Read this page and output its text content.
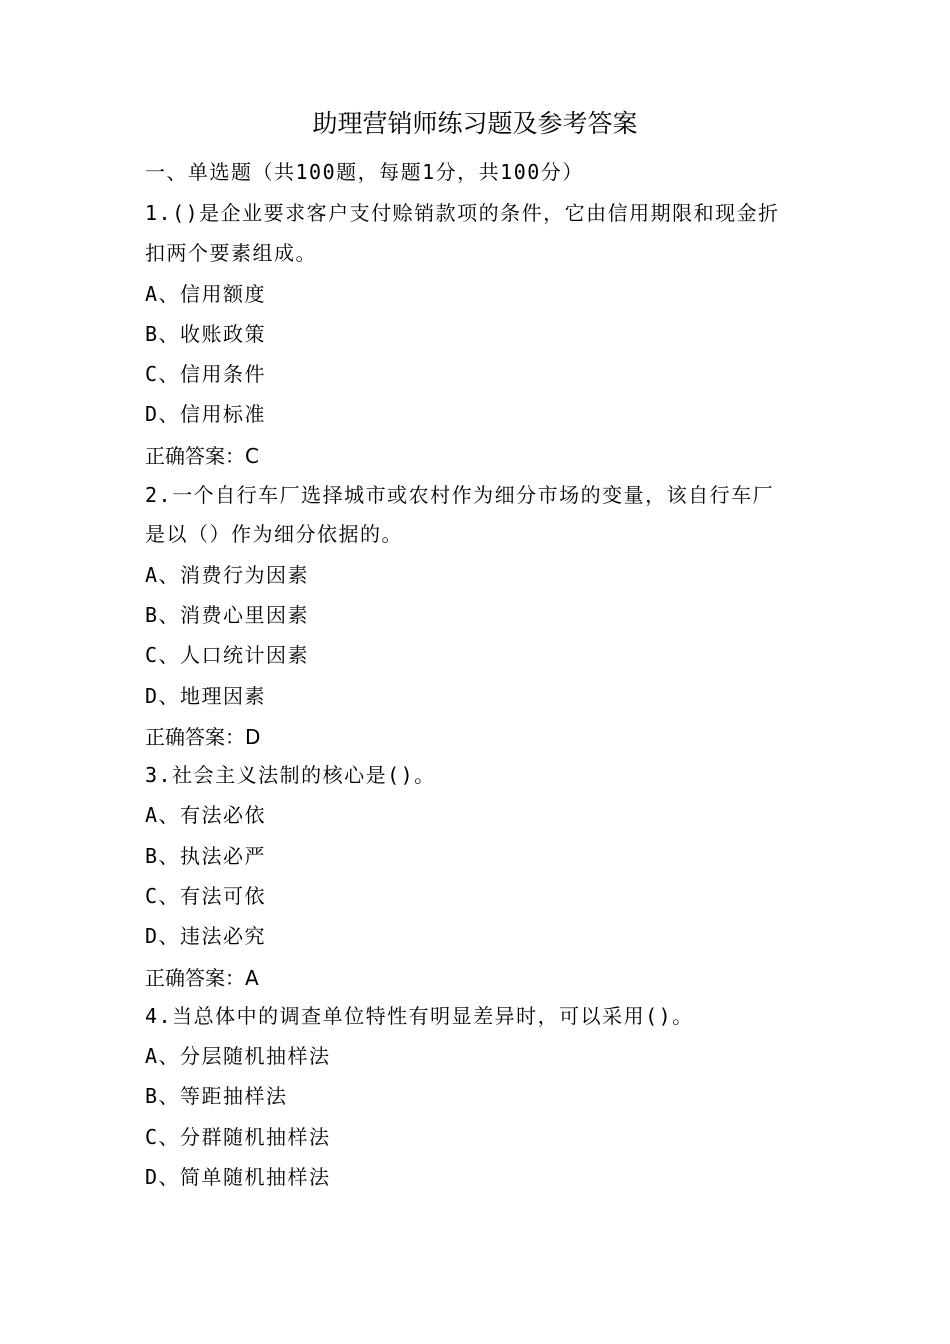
助理营销师练习题及参考答案
一、单选题（共100题，每题1分，共100分）
1.()是企业要求客户支付赊销款项的条件，它由信用期限和现金折
扣两个要素组成。
A、信用额度
B、收账政策
C、信用条件
D、信用标准
正确答案：C
2.一个自行车厂选择城市或农村作为细分市场的变量，该自行车厂
是以（）作为细分依据的。
A、消费行为因素
B、消费心里因素
C、人口统计因素
D、地理因素
正确答案：D
3.社会主义法制的核心是()。
A、有法必依
B、执法必严
C、有法可依
D、违法必究
正确答案：A
4.当总体中的调查单位特性有明显差异时，可以采用()。
A、分层随机抽样法
B、等距抽样法
C、分群随机抽样法
D、简单随机抽样法
